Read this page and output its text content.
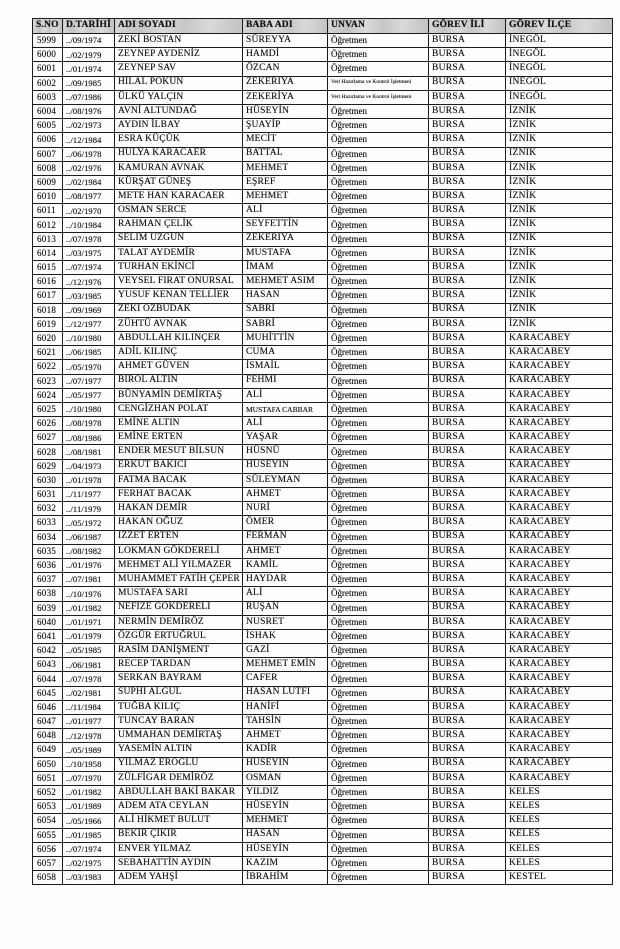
S.NO	D.TARİHİ	ADI SOYADI	BABA ADI	UNVAN	GÖREV İLİ	GÖREV İLÇE
5999	../09/1974	ZEKİ BOSTAN	SÜREYYA	Öğretmen	BURSA	İNEGÖL
6000	../02/1979	ZEYNEP AYDENİZ	HAMDİ	Öğretmen	BURSA	İNEGÖL
6001	../01/1974	ZEYNEP SAV	ÖZCAN	Öğretmen	BURSA	İNEGÖL
6002	../09/1985	HİLAL PÖKÜN	ZEKERİYA	Veri Hazırlama ve Kontrol İşletmeni	BURSA	İNEGÖL
6003	../07/1986	ÜLKÜ YALÇIN	ZEKERİYA	Veri Hazırlama ve Kontrol İşletmeni	BURSA	İNEGÖL
6004	../08/1976	AVNİ ALTUNDAĞ	HÜSEYİN	Öğretmen	BURSA	İZNİK
6005	../02/1973	AYDIN İLBAY	ŞUAYİP	Öğretmen	BURSA	İZNİK
6006	../12/1984	ESRA KÜÇÜK	MECİT	Öğretmen	BURSA	İZNİK
6007	../06/1978	HÜLYA KARACAER	BATTAL	Öğretmen	BURSA	İZNİK
6008	../02/1976	KAMURAN AVNAK	MEHMET	Öğretmen	BURSA	İZNİK
6009	../02/1984	KÜRŞAT GÜNEŞ	EŞREF	Öğretmen	BURSA	İZNİK
6010	../08/1977	METE HAN KARACAER	MEHMET	Öğretmen	BURSA	İZNİK
6011	../02/1970	OSMAN SERCE	ALİ	Öğretmen	BURSA	İZNİK
6012	../10/1984	RAHMAN ÇELİK	SEYFETTİN	Öğretmen	BURSA	İZNİK
6013	../07/1978	SELİM ÜZGÜN	ZEKERİYA	Öğretmen	BURSA	İZNİK
6014	../03/1975	TALAT AYDEMİR	MUSTAFA	Öğretmen	BURSA	İZNİK
6015	../07/1974	TURHAN EKİNCİ	İMAM	Öğretmen	BURSA	İZNİK
6016	../12/1976	VEYSEL FIRAT ONURSAL	MEHMET ASIM	Öğretmen	BURSA	İZNİK
6017	../03/1985	YUSUF KENAN TELLİER	HASAN	Öğretmen	BURSA	İZNİK
6018	../09/1969	ZEKİ ÖZBUDAK	SABRİ	Öğretmen	BURSA	İZNİK
6019	../12/1977	ZÜHTÜ AVNAK	SABRİ	Öğretmen	BURSA	İZNİK
6020	../10/1980	ABDULLAH KILINÇER	MUHİTTİN	Öğretmen	BURSA	KARACABEY
6021	../06/1985	ADİL KILINÇ	CUMA	Öğretmen	BURSA	KARACABEY
6022	../05/1970	AHMET GÜVEN	İSMAİL	Öğretmen	BURSA	KARACABEY
6023	../07/1977	BİROL ALTIN	FEHMİ	Öğretmen	BURSA	KARACABEY
6024	../05/1977	BÜNYAMİN DEMİRTAŞ	ALİ	Öğretmen	BURSA	KARACABEY
6025	../10/1980	CENGİZHAN POLAT	MUSTAFA CABBAR	Öğretmen	BURSA	KARACABEY
6026	../08/1978	EMİNE ALTIN	ALİ	Öğretmen	BURSA	KARACABEY
6027	../08/1986	EMİNE ERTEN	YAŞAR	Öğretmen	BURSA	KARACABEY
6028	../08/1981	ENDER MESUT BİLSUN	HÜSNÜ	Öğretmen	BURSA	KARACABEY
6029	../04/1973	ERKUT BAKICI	HÜSEYİN	Öğretmen	BURSA	KARACABEY
6030	../01/1978	FATMA BACAK	SÜLEYMAN	Öğretmen	BURSA	KARACABEY
6031	../11/1977	FERHAT BACAK	AHMET	Öğretmen	BURSA	KARACABEY
6032	../11/1979	HAKAN DEMİR	NURİ	Öğretmen	BURSA	KARACABEY
6033	../05/1972	HAKAN OĞUZ	ÖMER	Öğretmen	BURSA	KARACABEY
6034	../06/1987	İZZET ERTEN	FERMAN	Öğretmen	BURSA	KARACABEY
6035	../08/1982	LOKMAN GÖKDERELİ	AHMET	Öğretmen	BURSA	KARACABEY
6036	../01/1976	MEHMET ALİ YILMAZER	KAMİL	Öğretmen	BURSA	KARACABEY
6037	../07/1981	MUHAMMET FATİH ÇEPER	HAYDAR	Öğretmen	BURSA	KARACABEY
6038	../10/1976	MUSTAFA SARI	ALİ	Öğretmen	BURSA	KARACABEY
6039	../01/1982	NEFİZE GÖKDERELİ	RUŞAN	Öğretmen	BURSA	KARACABEY
6040	../01/1971	NERMİN DEMİRÖZ	NUSRET	Öğretmen	BURSA	KARACABEY
6041	../01/1979	ÖZGÜR ERTUĞRUL	İSHAK	Öğretmen	BURSA	KARACABEY
6042	../05/1985	RASİM DANİŞMENT	GAZİ	Öğretmen	BURSA	KARACABEY
6043	../06/1981	RECEP TARDAN	MEHMET EMİN	Öğretmen	BURSA	KARACABEY
6044	../07/1978	SERKAN BAYRAM	CAFER	Öğretmen	BURSA	KARACABEY
6045	../02/1981	SUPHİ ALGÜL	HASAN LÜTFİ	Öğretmen	BURSA	KARACABEY
6046	../11/1984	TUĞBA KILIÇ	HANİFİ	Öğretmen	BURSA	KARACABEY
6047	../01/1977	TUNCAY BARAN	TAHSİN	Öğretmen	BURSA	KARACABEY
6048	../12/1978	UMMAHAN DEMİRTAŞ	AHMET	Öğretmen	BURSA	KARACABEY
6049	../05/1989	YASEMİN ALTIN	KADİR	Öğretmen	BURSA	KARACABEY
6050	../10/1958	YILMAZ EROĞLU	HÜSEYİN	Öğretmen	BURSA	KARACABEY
6051	../07/1970	ZÜLFİGAR DEMİRÖZ	OSMAN	Öğretmen	BURSA	KARACABEY
6052	../01/1982	ABDULLAH BAKİ BAKAR	YILDIZ	Öğretmen	BURSA	KELES
6053	../01/1989	ADEM ATA CEYLAN	HÜSEYİN	Öğretmen	BURSA	KELES
6054	../05/1966	ALİ HİKMET BULUT	MEHMET	Öğretmen	BURSA	KELES
6055	../01/1985	BEKİR ÇİKİR	HASAN	Öğretmen	BURSA	KELES
6056	../07/1974	ENVER YILMAZ	HÜSEYİN	Öğretmen	BURSA	KELES
6057	../02/1975	SEBAHATTİN AYDIN	KAZIM	Öğretmen	BURSA	KELES
6058	../03/1983	ADEM YAHŞİ	İBRAHİM	Öğretmen	BURSA	KESTEL
